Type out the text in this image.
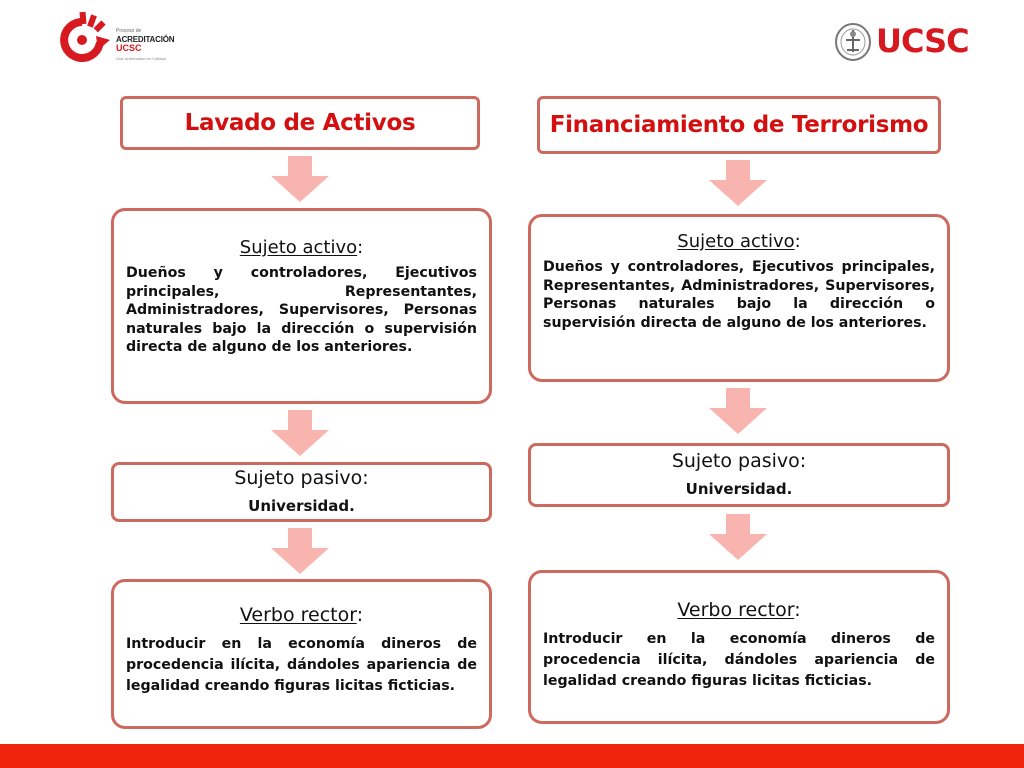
Proceso de
ACREDITACIÓN
UCSC
Una Universidad en Calidad	UCSC
Lavado de Activos
Sujeto activo:
Dueños y controladores, Ejecutivos principales, Representantes, Administradores, Supervisores, Personas naturales bajo la dirección o supervisión directa de alguno de los anteriores.
Sujeto pasivo:
Universidad.
Verbo rector:
Introducir en la economía dineros de procedencia ilícita, dándoles apariencia de legalidad creando figuras licitas ficticias.
Financiamiento de Terrorismo
Sujeto activo:
Dueños y controladores, Ejecutivos principales, Representantes, Administradores, Supervisores, Personas naturales bajo la dirección o supervisión directa de alguno de los anteriores.
Sujeto pasivo:
Universidad.
Verbo rector:
Introducir en la economía dineros de procedencia ilícita, dándoles apariencia de legalidad creando figuras licitas ficticias.
